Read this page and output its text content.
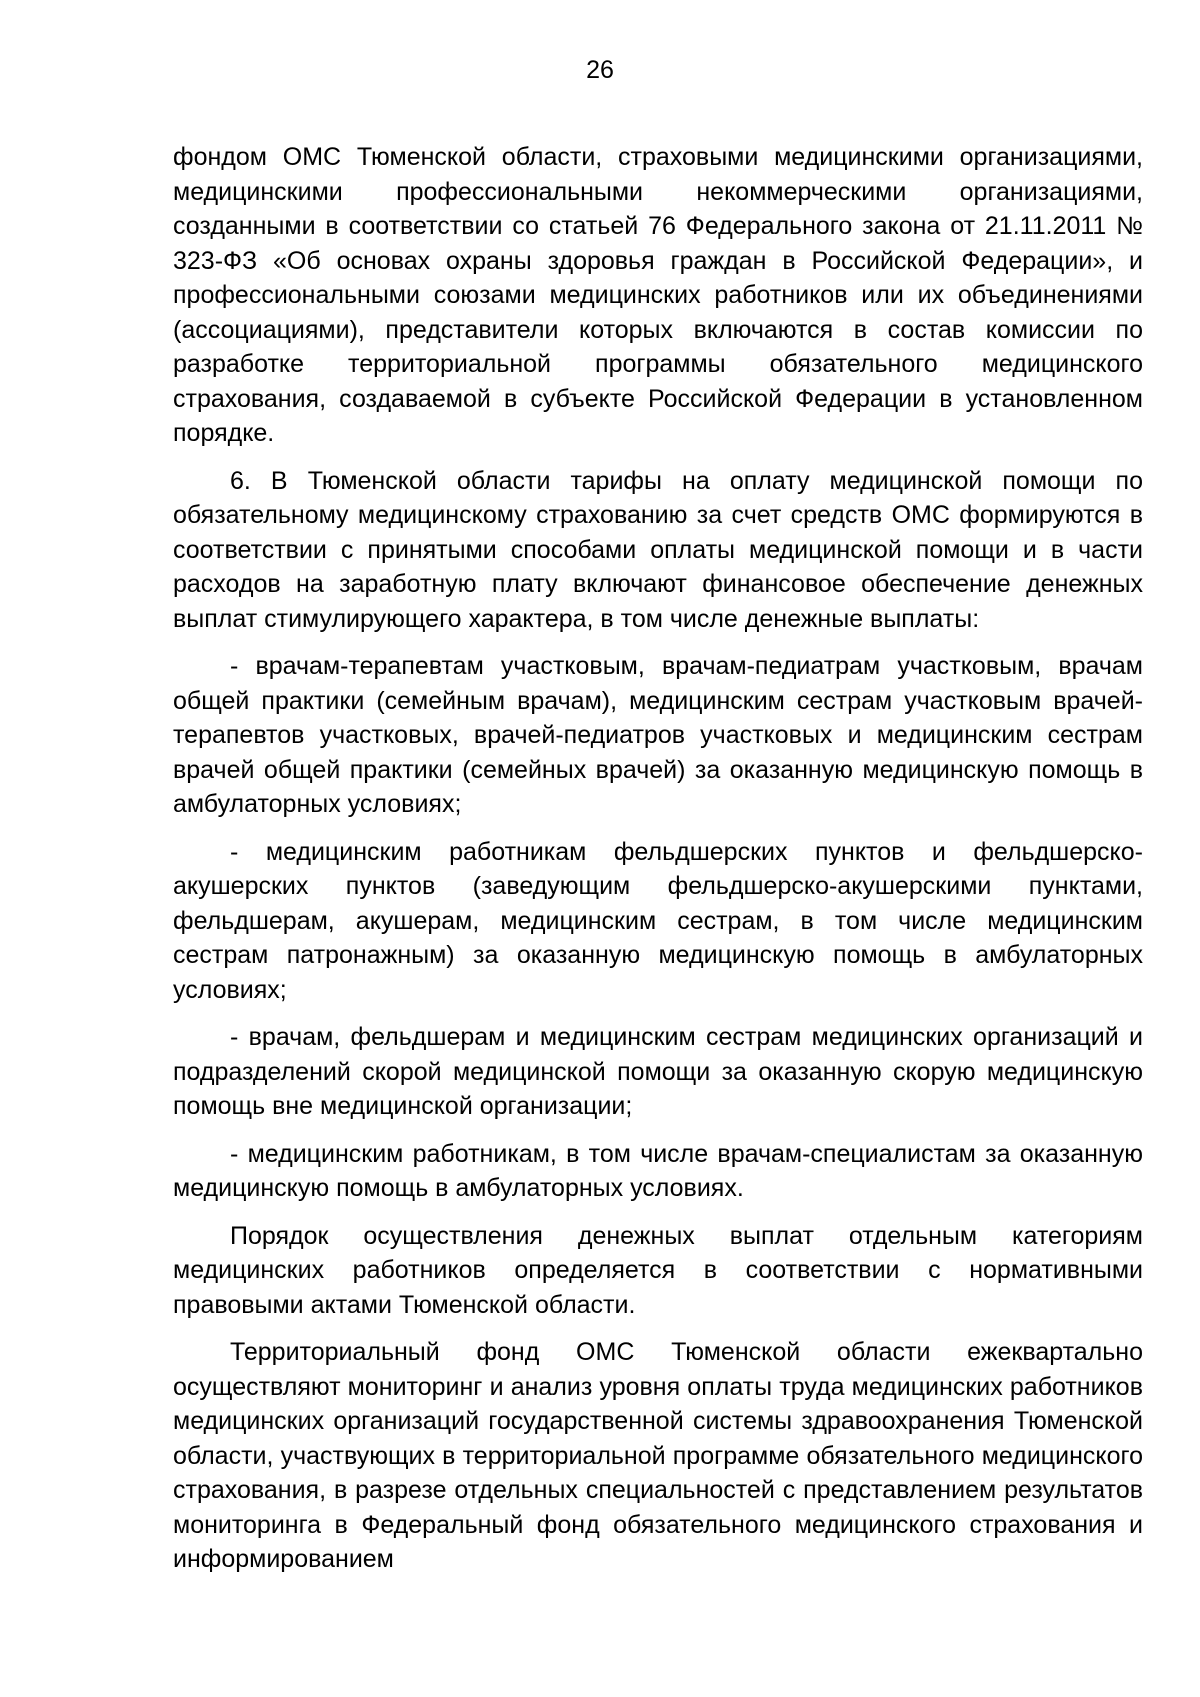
26

фондом ОМС Тюменской области, страховыми медицинскими организациями, медицинскими профессиональными некоммерческими организациями, созданными в соответствии со статьей 76 Федерального закона от 21.11.2011 № 323-ФЗ «Об основах охраны здоровья граждан в Российской Федерации», и профессиональными союзами медицинских работников или их объединениями (ассоциациями), представители которых включаются в состав комиссии по разработке территориальной программы обязательного медицинского страхования, создаваемой в субъекте Российской Федерации в установленном порядке.

6. В Тюменской области тарифы на оплату медицинской помощи по обязательному медицинскому страхованию за счет средств ОМС формируются в соответствии с принятыми способами оплаты медицинской помощи и в части расходов на заработную плату включают финансовое обеспечение денежных выплат стимулирующего характера, в том числе денежные выплаты:

- врачам-терапевтам участковым, врачам-педиатрам участковым, врачам общей практики (семейным врачам), медицинским сестрам участковым врачей-терапевтов участковых, врачей-педиатров участковых и медицинским сестрам врачей общей практики (семейных врачей) за оказанную медицинскую помощь в амбулаторных условиях;

- медицинским работникам фельдшерских пунктов и фельдшерско-акушерских пунктов (заведующим фельдшерско-акушерскими пунктами, фельдшерам, акушерам, медицинским сестрам, в том числе медицинским сестрам патронажным) за оказанную медицинскую помощь в амбулаторных условиях;

- врачам, фельдшерам и медицинским сестрам медицинских организаций и подразделений скорой медицинской помощи за оказанную скорую медицинскую помощь вне медицинской организации;

- медицинским работникам, в том числе врачам-специалистам за оказанную медицинскую помощь в амбулаторных условиях.

Порядок осуществления денежных выплат отдельным категориям медицинских работников определяется в соответствии с нормативными правовыми актами Тюменской области.

Территориальный фонд ОМС Тюменской области ежеквартально осуществляют мониторинг и анализ уровня оплаты труда медицинских работников медицинских организаций государственной системы здравоохранения Тюменской области, участвующих в территориальной программе обязательного медицинского страхования, в разрезе отдельных специальностей с представлением результатов мониторинга в Федеральный фонд обязательного медицинского страхования и информированием
